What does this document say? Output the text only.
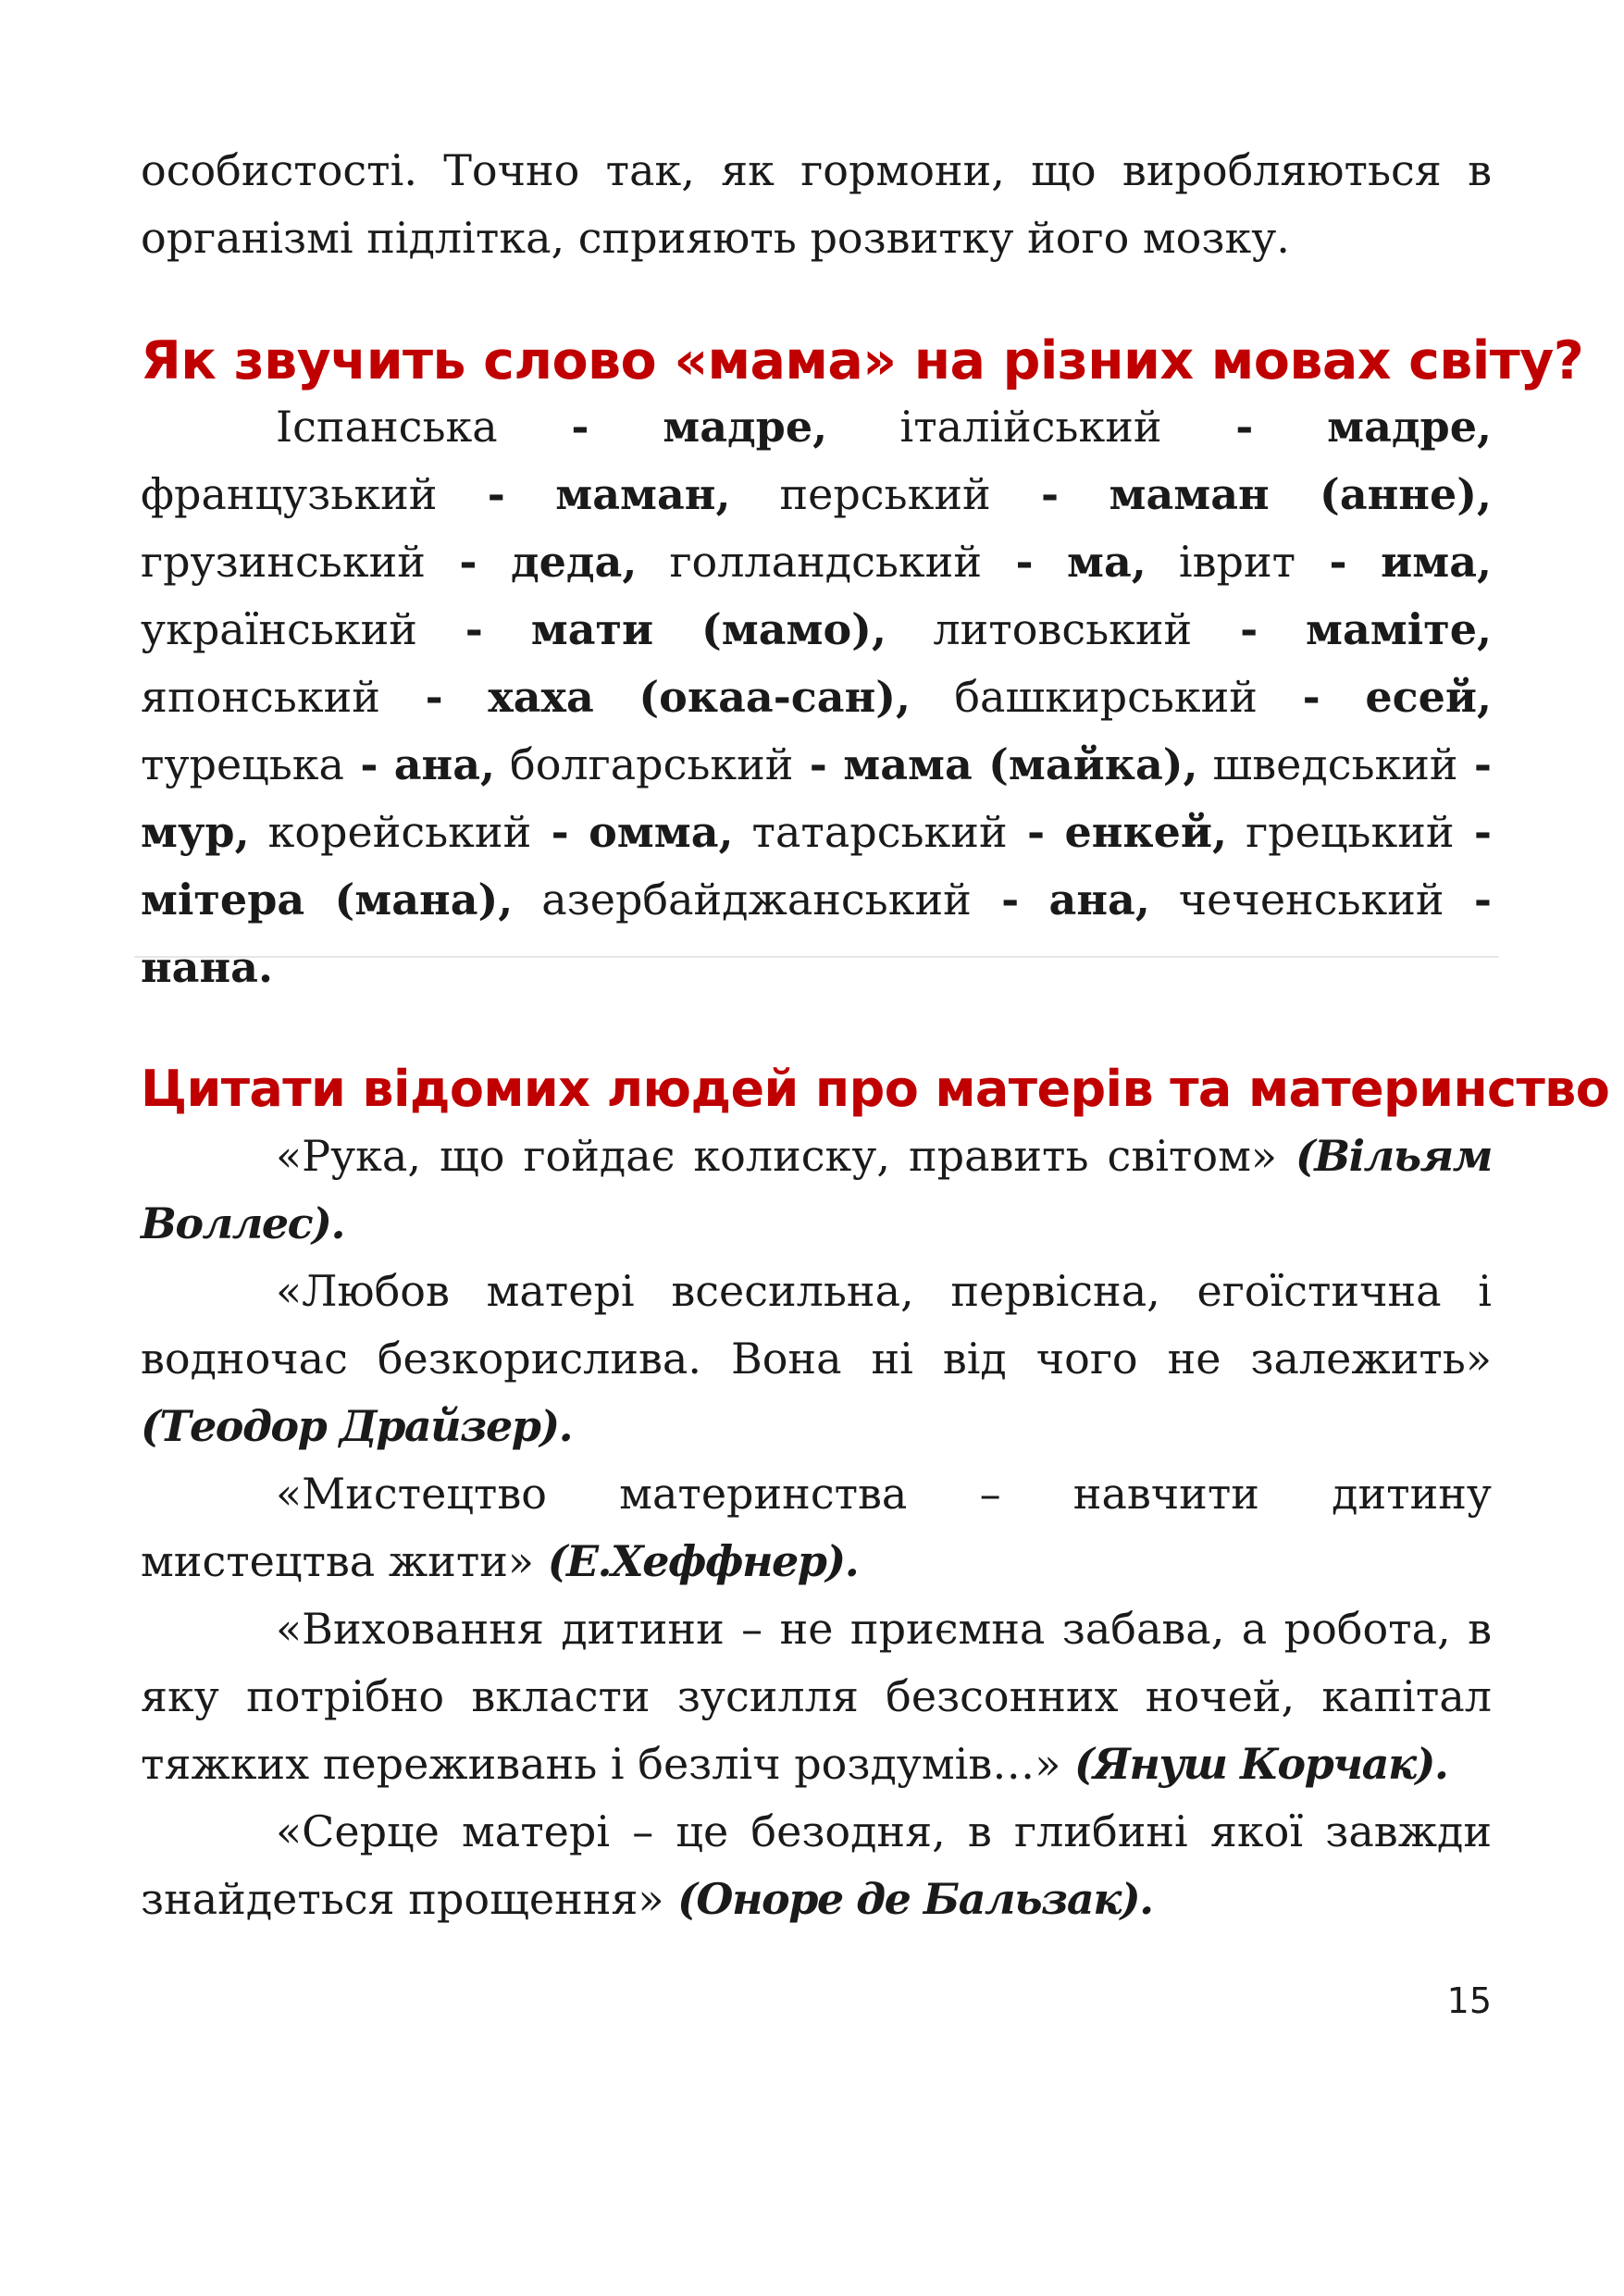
особистості. Точно так, як гормони, що виробляються в організмі підлітка, сприяють розвитку його мозку.

Як звучить слово «мама» на різних мовах світу?

Іспанська - мадре, італійський - мадре, французький - маман, перський - маман (анне), грузинський - деда, голландський - ма, іврит - има, український - мати (мамо), литовський - маміте, японський - хаха (окаа-сан), башкирський - есей, турецька - ана, болгарський - мама (майка), шведський - мур, корейський - омма, татарський - енкей, грецький - мітера (мана), азербайджанський - ана, чеченський - нана.

Цитати відомих людей про матерів та материнство

«Рука, що гойдає колиску, править світом» (Вільям Воллес).

«Любов матері всесильна, первісна, егоїстична і водночас безкорислива. Вона ні від чого не залежить» (Теодор Драйзер).

«Мистецтво материнства – навчити дитину мистецтва жити» (Е.Хеффнер).

«Виховання дитини – не приємна забава, а робота, в яку потрібно вкласти зусилля безсонних ночей, капітал тяжких переживань і безліч роздумів…» (Януш Корчак).

«Серце матері – це безодня, в глибині якої завжди знайдеться прощення» (Оноре де Бальзак).

15
